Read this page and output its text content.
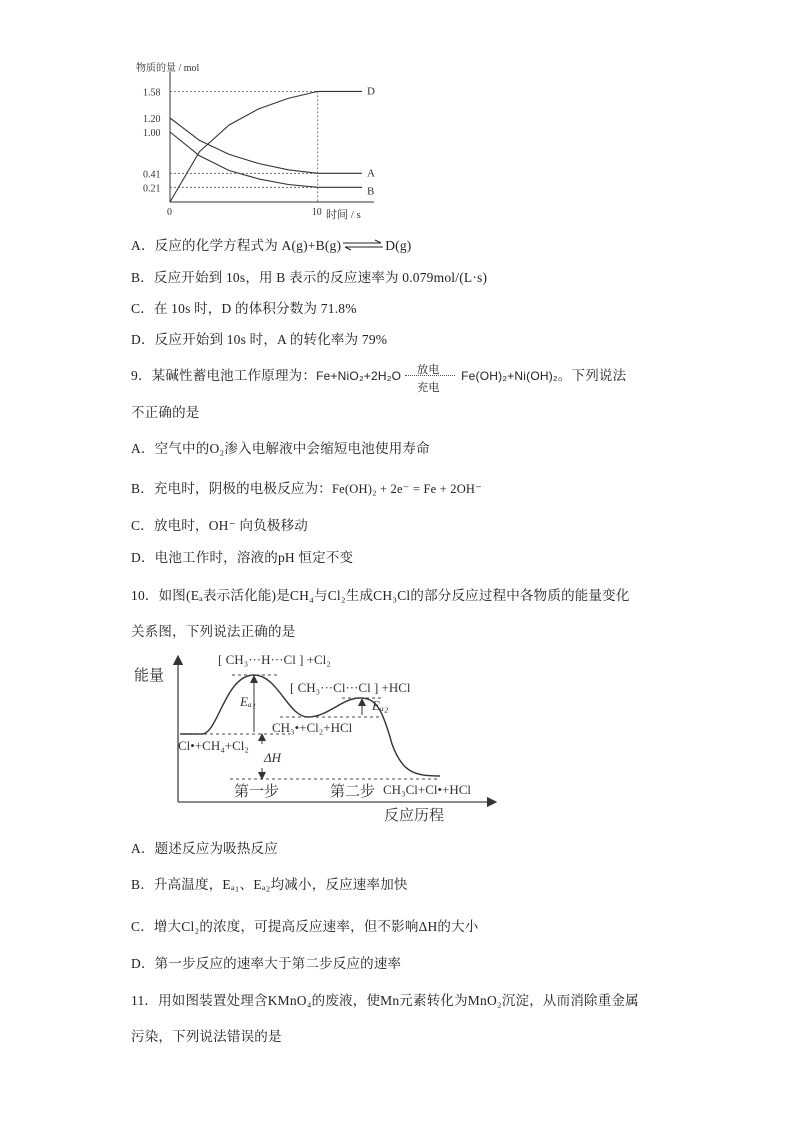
物质的量 / mol
时间 / s
1.58
1.20
1.00
0.41
0.21
0	10
D
A
B
A．反应的化学方程式为 A(g)+B(g)⇌D(g)
B．反应开始到 10s，用 B 表示的反应速率为 0.079mol/(L·s)
C．在 10s 时，D 的体积分数为 71.8%
D．反应开始到 10s 时，A 的转化率为 79%
9．某碱性蓄电池工作原理为：Fe+NiO₂+2H₂O 放电
充电
Fe(OH)₂+Ni(OH)₂。下列说法
不正确的是
A．空气中的O₂渗入电解液中会缩短电池使用寿命
B．充电时，阴极的电极反应为：Fe(OH)₂ + 2e⁻ = Fe + 2OH⁻
C．放电时，OH⁻ 向负极移动
D．电池工作时，溶液的pH 恒定不变
10．如图(Eₐ表示活化能)是CH₄与Cl₂生成CH₃Cl的部分反应过程中各物质的能量变化
关系图，下列说法正确的是
能量
[ CH₃···H···Cl ] +Cl₂
[ CH₃···Cl···Cl ] +HCl
Eₐ₁	Eₐ₂
CH₃•+Cl₂+HCl
Cl•+CH₄+Cl₂
ΔH
第一步	第二步 CH₃Cl+Cl•+HCl
反应历程
A．题述反应为吸热反应
B．升高温度，Eₐ₁、Eₐ₂均减小，反应速率加快
C．增大Cl₂的浓度，可提高反应速率，但不影响ΔH的大小
D．第一步反应的速率大于第二步反应的速率
11．用如图装置处理含KMnO₄的废液，使Mn元素转化为MnO₂沉淀，从而消除重金属
污染，下列说法错误的是
